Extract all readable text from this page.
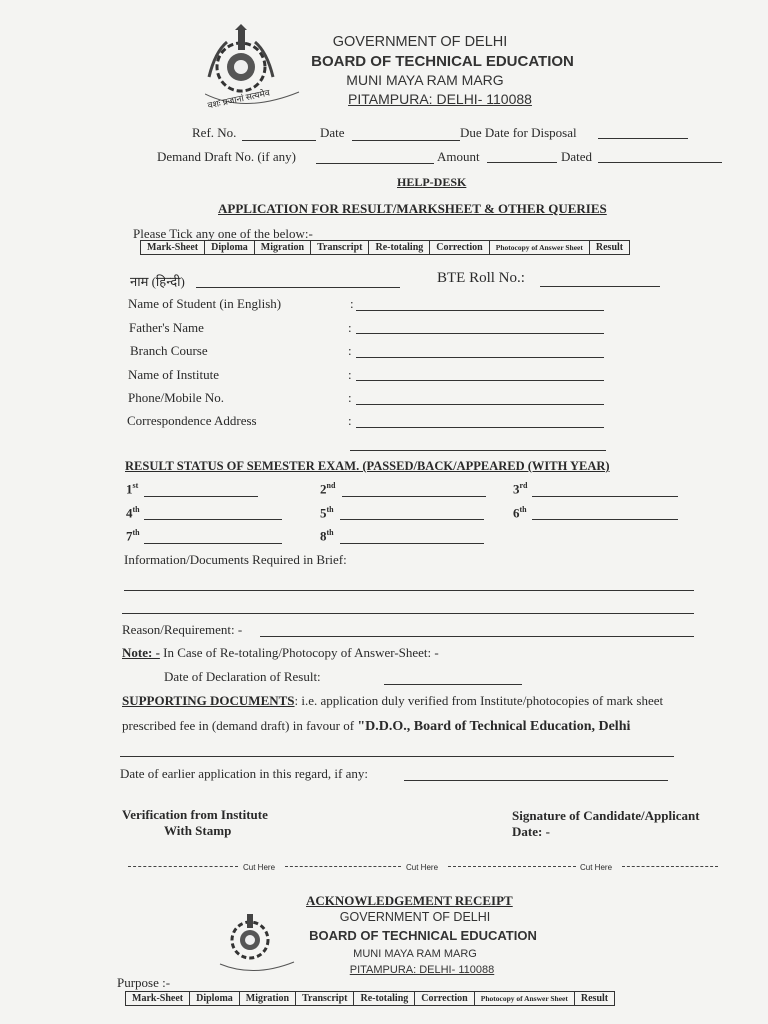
वशः प्रजानां सत्यमेव
GOVERNMENT OF DELHI
BOARD OF TECHNICAL EDUCATION
MUNI MAYA RAM MARG
PITAMPURA: DELHI- 110088
Ref. No.	Date	Due Date for Disposal
Demand Draft No. (if any)	Amount	Dated
HELP-DESK
APPLICATION FOR RESULT/MARKSHEET & OTHER QUERIES
Please Tick any one of the below:-
Mark-Sheet	Diploma	Migration	Transcript	Re-totaling	Correction	Photocopy of Answer Sheet	Result
नाम (हिन्दी)	BTE Roll No.:
Name of Student (in English)	:
Father's Name	:
Branch Course	:
Name of Institute	:
Phone/Mobile No.	:
Correspondence Address	:
RESULT STATUS OF SEMESTER EXAM. (PASSED/BACK/APPEARED (WITH YEAR)
1st	2nd	3rd
4th	5th	6th
7th	8th
Information/Documents Required in Brief:
Reason/Requirement: -
Note: - In Case of Re-totaling/Photocopy of Answer-Sheet: -
Date of Declaration of Result:
SUPPORTING DOCUMENTS: i.e. application duly verified from Institute/photocopies of mark sheet
prescribed fee in (demand draft) in favour of "D.D.O., Board of Technical Education, Delhi
Date of earlier application in this regard, if any:
Verification from Institute
With Stamp
Signature of Candidate/Applicant
Date: -
Cut Here	Cut Here	Cut Here
ACKNOWLEDGEMENT RECEIPT
GOVERNMENT OF DELHI
BOARD OF TECHNICAL EDUCATION
MUNI MAYA RAM MARG
PITAMPURA: DELHI- 110088
Purpose :-
Mark-Sheet	Diploma	Migration	Transcript	Re-totaling	Correction	Photocopy of Answer Sheet	Result
